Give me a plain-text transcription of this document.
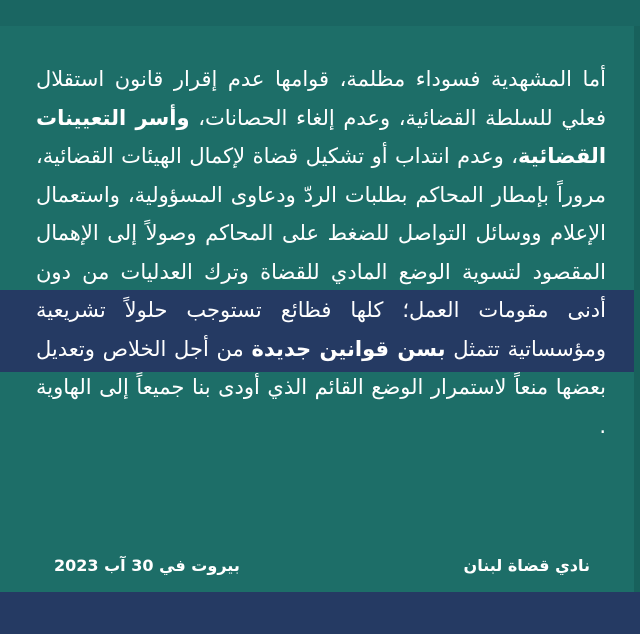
أما المشهدية فسوداء مظلمة، قوامها عدم إقرار قانون استقلال فعلي للسلطة القضائية، وعدم إلغاء الحصانات، وأسر التعيينات القضائية، وعدم انتداب أو تشكيل قضاة لإكمال الهيئات القضائية، مروراً بإمطار المحاكم بطلبات الردّ ودعاوى المسؤولية، واستعمال الإعلام ووسائل التواصل للضغط على المحاكم وصولاً إلى الإهمال المقصود لتسوية الوضع المادي للقضاة وترك العدليات من دون أدنى مقومات العمل؛ كلها فظائع تستوجب حلولاً تشريعية ومؤسساتية تتمثل بسن قوانين جديدة من أجل الخلاص وتعديل بعضها منعاً لاستمرار الوضع القائم الذي أودى بنا جميعاً إلى الهاوية .

نادي قضاة لبنان
بيروت في 30 آب 2023
